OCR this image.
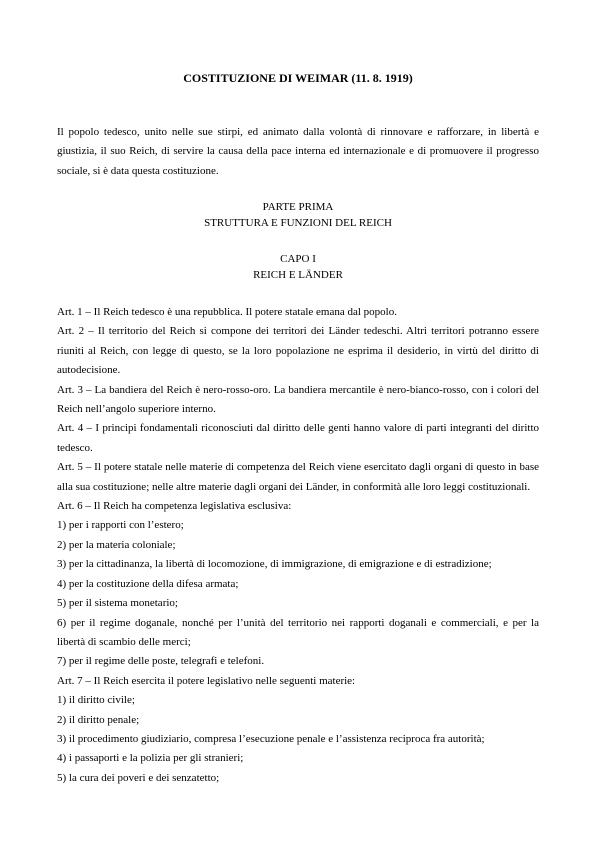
COSTITUZIONE DI WEIMAR (11. 8. 1919)

Il popolo tedesco, unito nelle sue stirpi, ed animato dalla volontà di rinnovare e rafforzare, in libertà e giustizia, il suo Reich, di servire la causa della pace interna ed internazionale e di promuovere il progresso sociale, si è data questa costituzione.

PARTE PRIMA
STRUTTURA E FUNZIONI DEL REICH
CAPO I
REICH E LÄNDER

Art. 1 – Il Reich tedesco è una repubblica. Il potere statale emana dal popolo.

Art. 2 – Il territorio del Reich si compone dei territori dei Länder tedeschi. Altri territori potranno essere riuniti al Reich, con legge di questo, se la loro popolazione ne esprima il desiderio, in virtù del diritto di autodecisione.

Art. 3 – La bandiera del Reich è nero-rosso-oro. La bandiera mercantile è nero-bianco-rosso, con i colori del Reich nell’angolo superiore interno.

Art. 4 – I principi fondamentali riconosciuti dal diritto delle genti hanno valore di parti integranti del diritto tedesco.

Art. 5 – Il potere statale nelle materie di competenza del Reich viene esercitato dagli organi di questo in base alla sua costituzione; nelle altre materie dagli organi dei Länder, in conformità alle loro leggi costituzionali.

Art. 6 – Il Reich ha competenza legislativa esclusiva:

1) per i rapporti con l’estero;

2) per la materia coloniale;

3) per la cittadinanza, la libertà di locomozione, di immigrazione, di emigrazione e di estradizione;

4) per la costituzione della difesa armata;

5) per il sistema monetario;

6) per il regime doganale, nonché per l’unità del territorio nei rapporti doganali e commerciali, e per la libertà di scambio delle merci;

7) per il regime delle poste, telegrafi e telefoni.

Art. 7 – Il Reich esercita il potere legislativo nelle seguenti materie:

1) il diritto civile;

2) il diritto penale;

3) il procedimento giudiziario, compresa l’esecuzione penale e l’assistenza reciproca fra autorità;

4) i passaporti e la polizia per gli stranieri;

5) la cura dei poveri e dei senzatetto;
